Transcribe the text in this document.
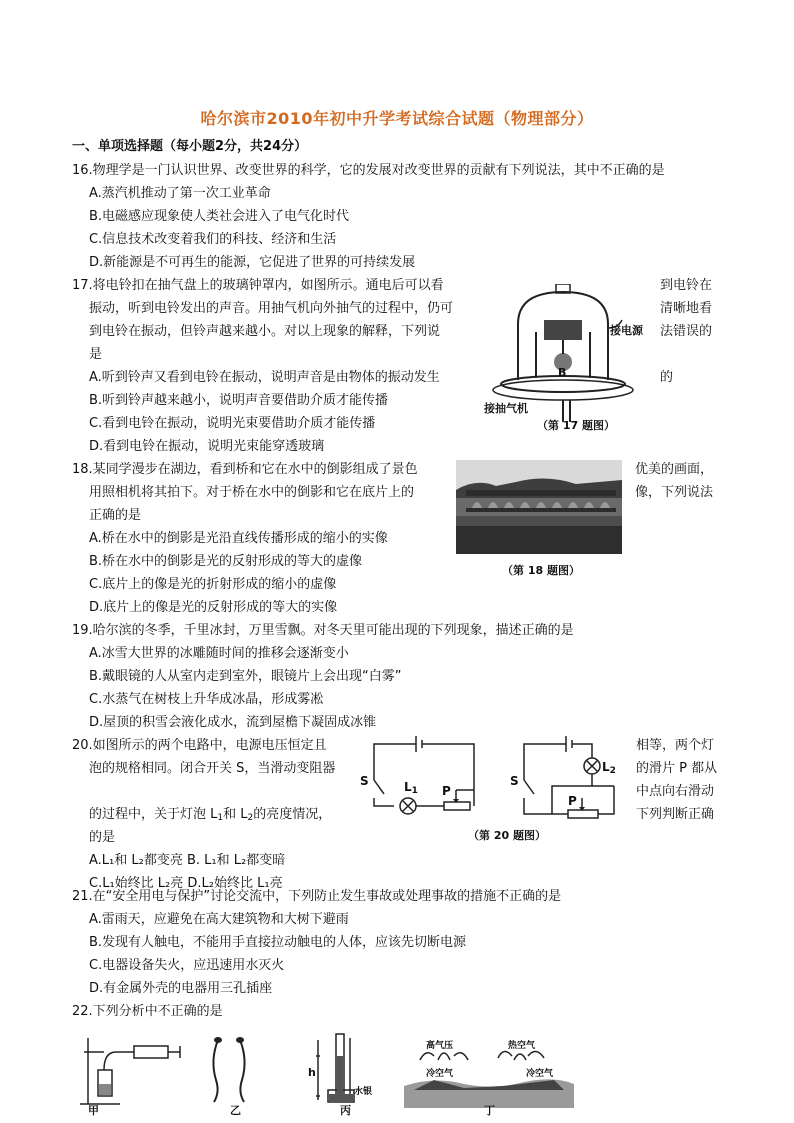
哈尔滨市2010年初中升学考试综合试题（物理部分）
一、单项选择题（每小题2分，共24分）
16.物理学是一门认识世界、改变世界的科学，它的发展对改变世界的贡献有下列说法，其中不正确的是
A.蒸汽机推动了第一次工业革命
B.电磁感应现象使人类社会进入了电气化时代
C.信息技术改变着我们的科技、经济和生活
D.新能源是不可再生的能源，它促进了世界的可持续发展
17.将电铃扣在抽气盘上的玻璃钟罩内，如图所示。通电后可以看	到电铃在
振动，听到电铃发出的声音。用抽气机向外抽气的过程中，仍可	清晰地看
到电铃在振动，但铃声越来越小。对以上现象的解释，下列说	法错误的
是
A.听到铃声又看到电铃在振动，说明声音是由物体的振动发生	的
B.听到铃声越来越小，说明声音要借助介质才能传播
C.看到电铃在振动，说明光束要借助介质才能传播
D.看到电铃在振动，说明光束能穿透玻璃
B
接电源
接抽气机
（第 17 题图）
18.某同学漫步在湖边，看到桥和它在水中的倒影组成了景色	优美的画面，
用照相机将其拍下。对于桥在水中的倒影和它在底片上的	像，下列说法
正确的是
A.桥在水中的倒影是光沿直线传播形成的缩小的实像
B.桥在水中的倒影是光的反射形成的等大的虚像
C.底片上的像是光的折射形成的缩小的虚像
D.底片上的像是光的反射形成的等大的实像
（第 18 题图）
19.哈尔滨的冬季，千里冰封，万里雪飘。对冬天里可能出现的下列现象，描述正确的是
A.冰雪大世界的冰雕随时间的推移会逐渐变小
B.戴眼镜的人从室内走到室外，眼镜片上会出现“白雾”
C.水蒸气在树枝上升华成冰晶，形成雾凇
D.屋顶的积雪会液化成水，流到屋檐下凝固成冰锥
20.如图所示的两个电路中，电源电压恒定且	相等，两个灯
泡的规格相同。闭合开关 S，当滑动变阻器	的滑片 P 都从
中点向右滑动
的过程中，关于灯泡 $L_1$和 $L_2$的亮度情况，	下列判断正确
的是
A.L₁和 L₂都变亮 B. L₁和 L₂都变暗
C.L₁始终比 L₂亮 D.L₂始终比 L₁亮
S	$L_1$ P
S
$L_2$
P
（第 20 题图）
21.在“安全用电与保护”讨论交流中，下列防止发生事故或处理事故的措施不正确的是
A.雷雨天，应避免在高大建筑物和大树下避雨
B.发现有人触电，不能用手直接拉动触电的人体，应该先切断电源
C.电器设备失火，应迅速用水灭火
D.有金属外壳的电器用三孔插座
22.下列分析中不正确的是
甲	乙
h
水银
丙
高气压	热空气
冷空气	冷空气
丁
